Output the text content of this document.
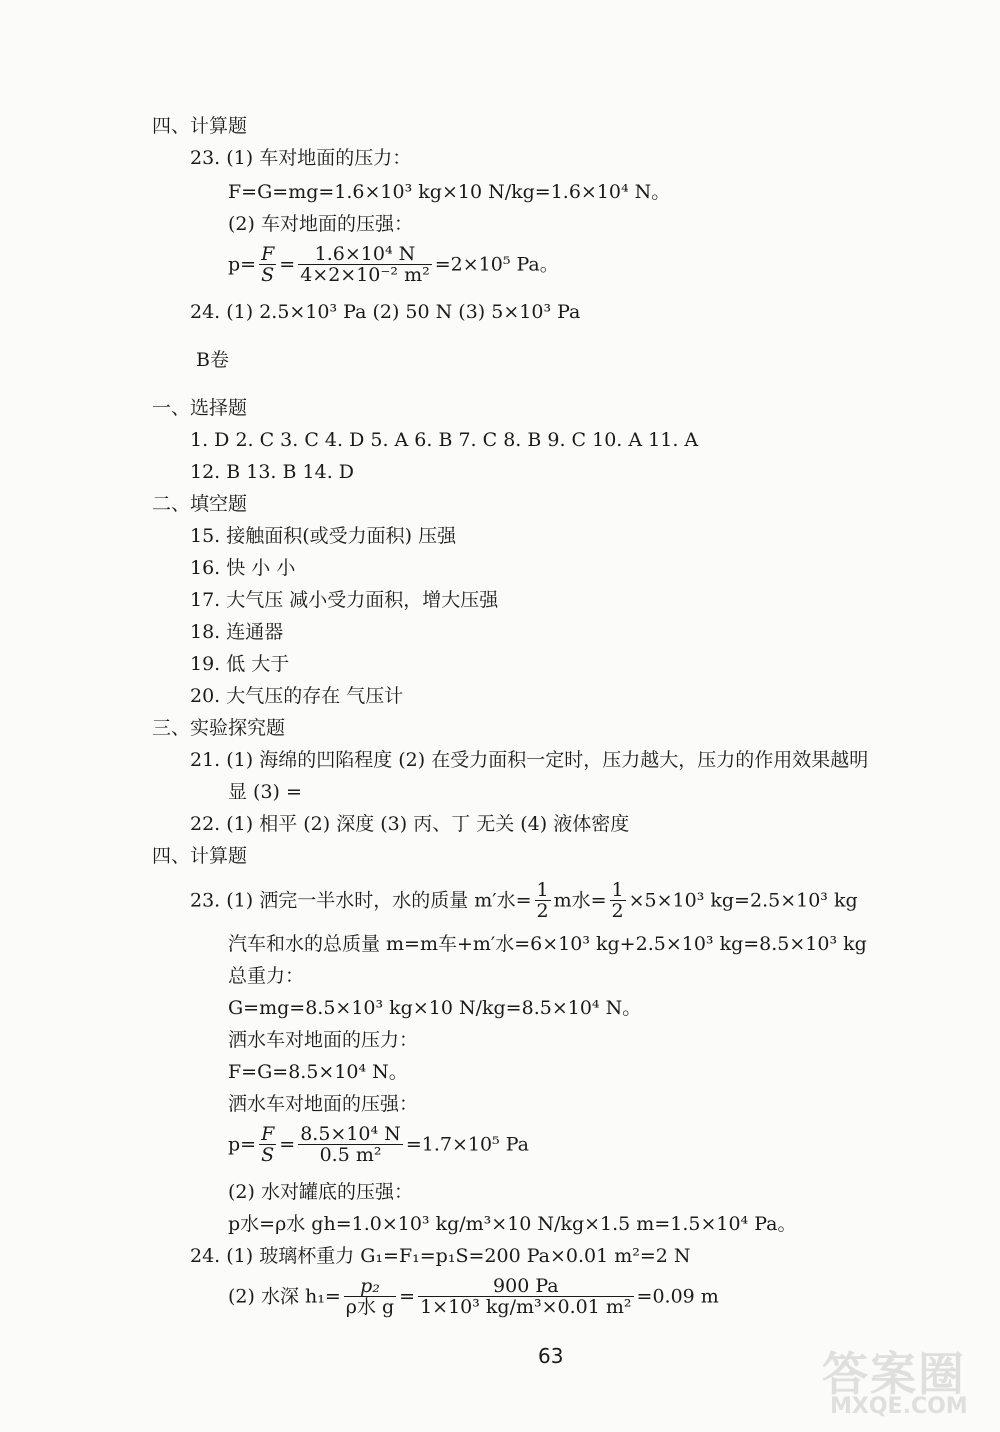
四、计算题
23. (1) 车对地面的压力：
F=G=mg=1.6×10³ kg×10 N/kg=1.6×10⁴ N。
(2) 车对地面的压强：
$p= \frac{F}{S} = \frac{\text{1.6×10⁴ N}}{\text{4×2×10⁻² m²}} =2\times 10^5$ Pa。
24. (1) 2.5×10³ Pa (2) 50 N (3) 5×10³ Pa
B卷
一、选择题
1. D 2. C 3. C 4. D 5. A 6. B 7. C 8. B 9. C 10. A 11. A
12. B 13. B 14. D
二、填空题
15. 接触面积(或受力面积) 压强
16. 快 小 小
17. 大气压 减小受力面积，增大压强
18. 连通器
19. 低 大于
20. 大气压的存在 气压计
三、实验探究题
21. (1) 海绵的凹陷程度 (2) 在受力面积一定时，压力越大，压力的作用效果越明
显 (3) =
22. (1) 相平 (2) 深度 (3) 丙、丁 无关 (4) 液体密度
四、计算题
23. (1) 洒完一半水时，水的质量 m′水= $\frac{1}{2}$ m水= $\frac{1}{2} \times 5\times 10^3$ kg=2.5×10³ kg
汽车和水的总质量 m=m车+m′水=6×10³ kg+2.5×10³ kg=8.5×10³ kg
总重力：
G=mg=8.5×10³ kg×10 N/kg=8.5×10⁴ N。
洒水车对地面的压力：
F=G=8.5×10⁴ N。
洒水车对地面的压强：
$p= \frac{F}{S} = \frac{\text{8.5×10⁴ N}}{\text{0.5 m²}} =1.7\times 10^5$ Pa
(2) 水对罐底的压强：
p水=ρ水 gh=1.0×10³ kg/m³×10 N/kg×1.5 m=1.5×10⁴ Pa。
24. (1) 玻璃杯重力 G₁=F₁=p₁S=200 Pa×0.01 m²=2 N
(2) 水深 $h_1= \frac{\text{p₂}}{\text{ρ水 g}} = \frac{900 Pa}{\text{1×10³ kg/m³×0.01 m²}} =0.09$ m
63	答案圈
MXQE.COM
